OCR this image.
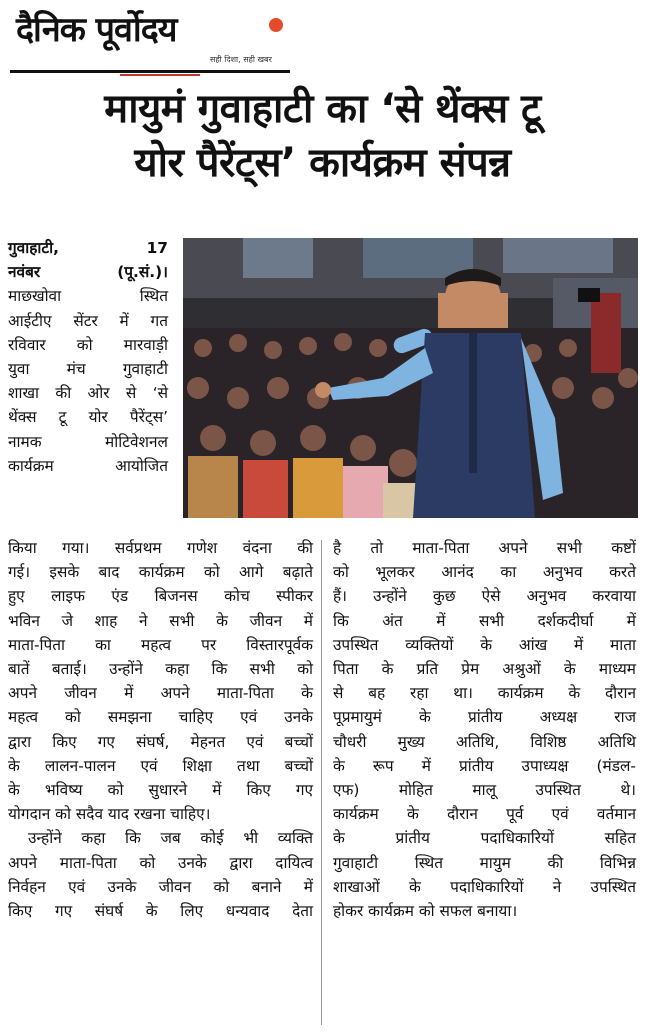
दैनिक पूर्वोदय
सही दिशा, सही खबर
मायुमं गुवाहाटी का ‘से थेंक्स टू
योर पैरेंट्स’ कार्यक्रम संपन्न
गुवाहाटी, 17
नवंबर (पू.सं.)।
माछखोवा स्थित
आईटीए सेंटर में गत
रविवार को मारवाड़ी
युवा मंच गुवाहाटी
शाखा की ओर से ‘से
थेंक्स टू योर पैरेंट्स’
नामक मोटिवेशनल
कार्यक्रम आयोजित
किया गया। सर्वप्रथम गणेश वंदना की
गई। इसके बाद कार्यक्रम को आगे बढ़ाते
हुए लाइफ एंड बिजनस कोच स्पीकर
भविन जे शाह ने सभी के जीवन में
माता-पिता का महत्व पर विस्तारपूर्वक
बातें बताई। उन्होंने कहा कि सभी को
अपने जीवन में अपने माता-पिता के
महत्व को समझना चाहिए एवं उनके
द्वारा किए गए संघर्ष, मेहनत एवं बच्चों
के लालन-पालन एवं शिक्षा तथा बच्चों
के भविष्य को सुधारने में किए गए
योगदान को सदैव याद रखना चाहिए।
उन्होंने कहा कि जब कोई भी व्यक्ति
अपने माता-पिता को उनके द्वारा दायित्व
निर्वहन एवं उनके जीवन को बनाने में
किए गए संघर्ष के लिए धन्यवाद देता
है तो माता-पिता अपने सभी कष्टों
को भूलकर आनंद का अनुभव करते
हैं। उन्होंने कुछ ऐसे अनुभव करवाया
कि अंत में सभी दर्शकदीर्घा में
उपस्थित व्यक्तियों के आंख में माता
पिता के प्रति प्रेम अश्रुओं के माध्यम
से बह रहा था। कार्यक्रम के दौरान
पूप्रमायुमं के प्रांतीय अध्यक्ष राज
चौधरी मुख्य अतिथि, विशिष्ठ अतिथि
के रूप में प्रांतीय उपाध्यक्ष (मंडल-
एफ) मोहित मालू उपस्थित थे।
कार्यक्रम के दौरान पूर्व एवं वर्तमान
के प्रांतीय पदाधिकारियों सहित
गुवाहाटी स्थित मायुम की विभिन्न
शाखाओं के पदाधिकारियों ने उपस्थित
होकर कार्यक्रम को सफल बनाया।
